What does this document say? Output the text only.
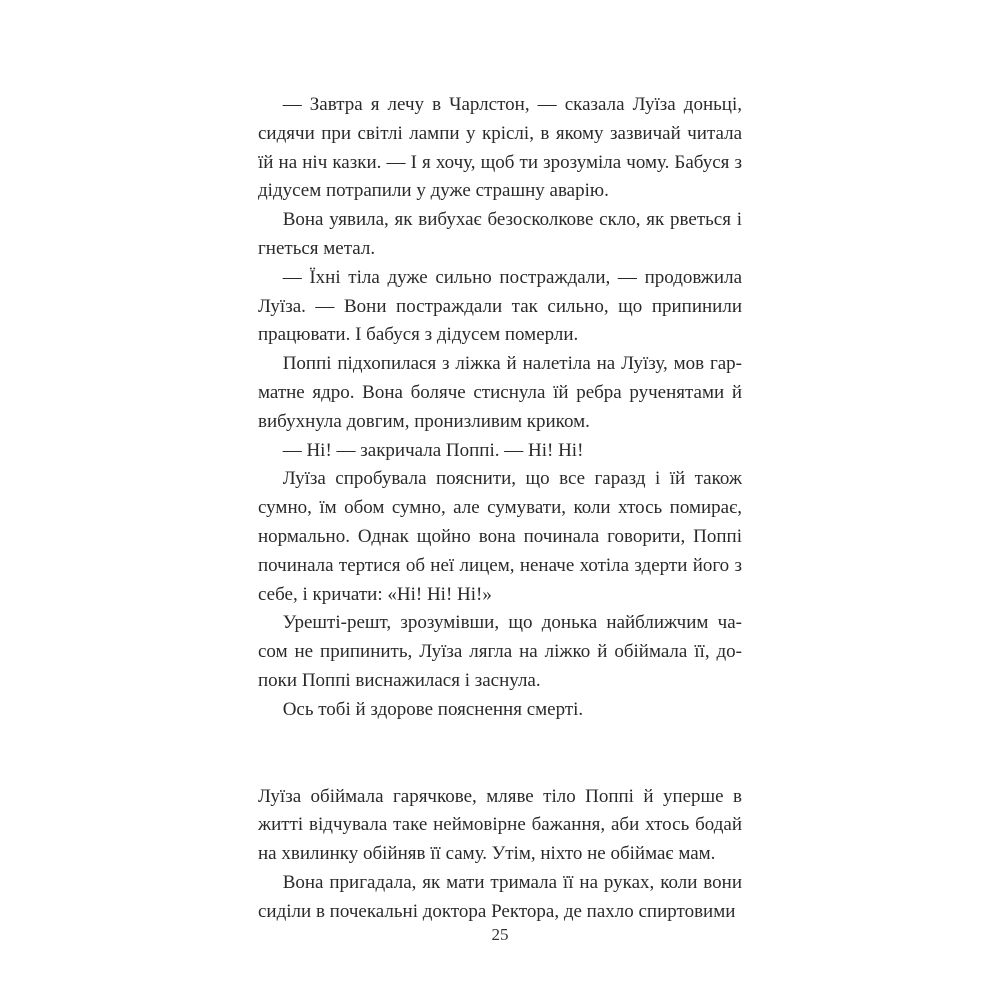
— Завтра я лечу в Чарлстон, — сказала Луїза доньці, сидячи при світлі лампи у кріслі, в якому зазвичай читала їй на ніч казки. — І я хочу, щоб ти зрозуміла чому. Бабуся з дідусем потрапили у дуже страшну аварію.

Вона уявила, як вибухає безосколкове скло, як рветься і гнеться метал.

— Їхні тіла дуже сильно постраждали, — продовжила Луїза. — Вони постраждали так сильно, що припинили працювати. І бабуся з дідусем померли.

Поппі підхопилася з ліжка й налетіла на Луїзу, мов гарматне ядро. Вона боляче стиснула їй ребра рученятами й вибухнула довгим, пронизливим криком.

— Ні! — закричала Поппі. — Ні! Ні!

Луїза спробувала пояснити, що все гаразд і їй також сумно, їм обом сумно, але сумувати, коли хтось помирає, нормально. Однак щойно вона починала говорити, Поппі починала тертися об неї лицем, неначе хотіла здерти його з себе, і кричати: «Ні! Ні! Ні!»

Урешті-решт, зрозумівши, що донька найближчим часом не припинить, Луїза лягла на ліжко й обіймала її, допоки Поппі виснажилася і заснула.

Ось тобі й здорове пояснення смерті.

Луїза обіймала гарячкове, мляве тіло Поппі й уперше в житті відчувала таке неймовірне бажання, аби хтось бодай на хвилинку обійняв її саму. Утім, ніхто не обіймає мам.

Вона пригадала, як мати тримала її на руках, коли вони сиділи в почекальні доктора Ректора, де пахло спиртовими

25
